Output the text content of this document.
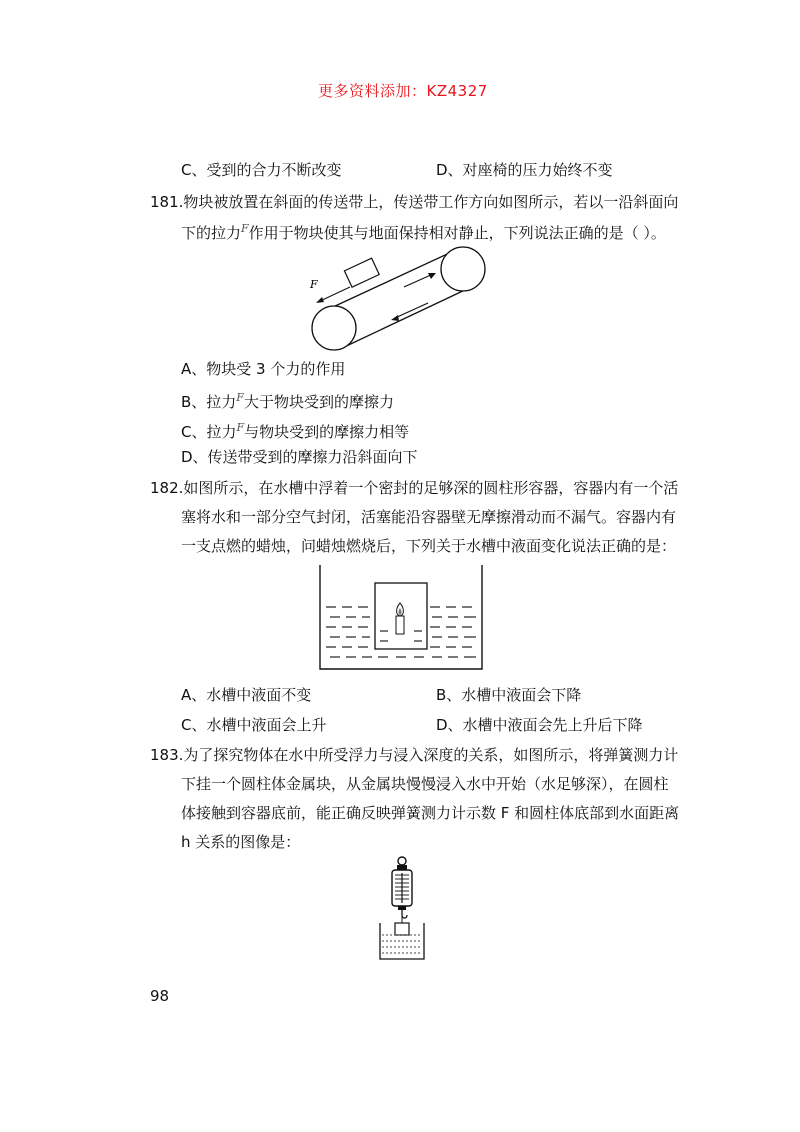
更多资料添加：KZ4327
C、受到的合力不断改变	D、对座椅的压力始终不变
181.物块被放置在斜面的传送带上，传送带工作方向如图所示，若以一沿斜面向
下的拉力$^F$作用于物块使其与地面保持相对静止，下列说法正确的是（ ）。
F
A、物块受 3 个力的作用
B、拉力$^F$大于物块受到的摩擦力
C、拉力$^F$与物块受到的摩擦力相等
D、传送带受到的摩擦力沿斜面向下
182.如图所示，在水槽中浮着一个密封的足够深的圆柱形容器，容器内有一个活
塞将水和一部分空气封闭，活塞能沿容器壁无摩擦滑动而不漏气。容器内有
一支点燃的蜡烛，问蜡烛燃烧后，下列关于水槽中液面变化说法正确的是：
A、水槽中液面不变	B、水槽中液面会下降
C、水槽中液面会上升	D、水槽中液面会先上升后下降
183.为了探究物体在水中所受浮力与浸入深度的关系，如图所示，将弹簧测力计
下挂一个圆柱体金属块，从金属块慢慢浸入水中开始（水足够深），在圆柱
体接触到容器底前，能正确反映弹簧测力计示数 F 和圆柱体底部到水面距离
h 关系的图像是：
98
